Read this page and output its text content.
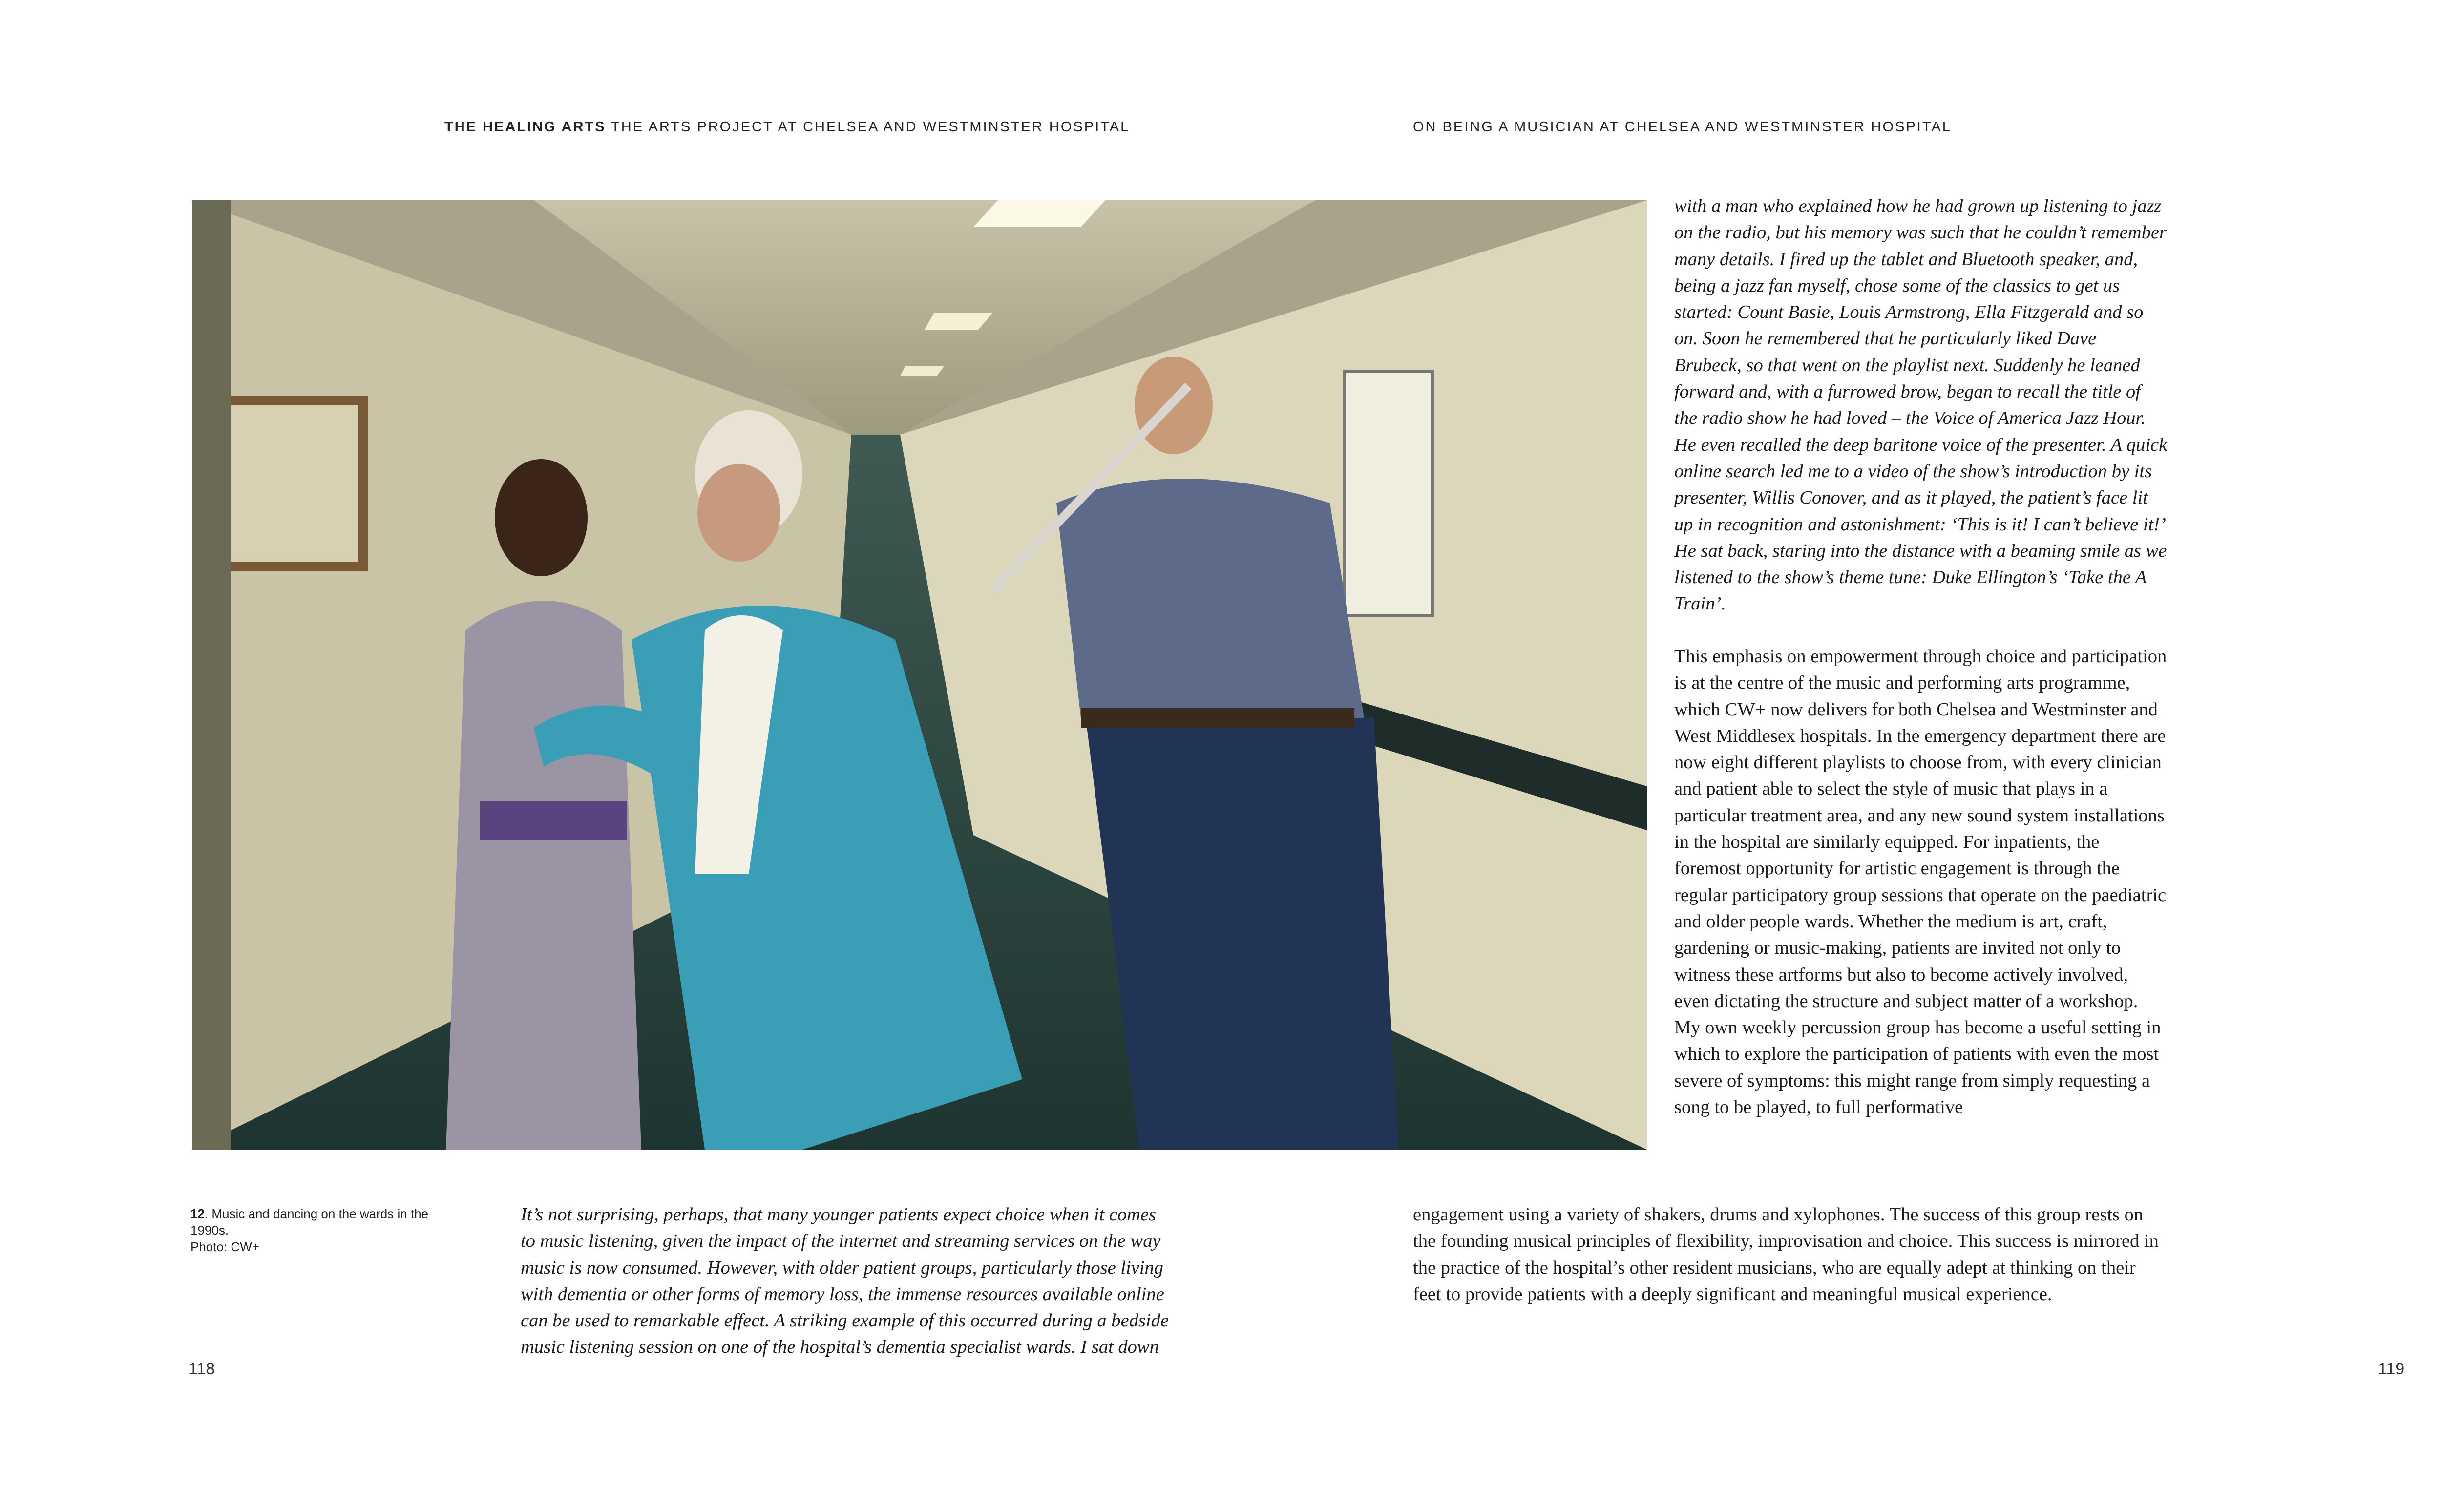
THE HEALING ARTS THE ARTS PROJECT AT CHELSEA AND WESTMINSTER HOSPITAL	ON BEING A MUSICIAN AT CHELSEA AND WESTMINSTER HOSPITAL
12. Music and dancing on the wards in the 1990s.
Photo: CW+

It’s not surprising, perhaps, that many younger patients expect choice when it comes to music listening, given the impact of the internet and streaming services on the way music is now consumed. However, with older patient groups, particularly those living with dementia or other forms of memory loss, the immense resources available online can be used to remarkable effect. A striking example of this occurred during a bedside music listening session on one of the hospital’s dementia specialist wards. I sat down

with a man who explained how he had grown up listening to jazz on the radio, but his memory was such that he couldn’t remember many details. I fired up the tablet and Bluetooth speaker, and, being a jazz fan myself, chose some of the classics to get us started: Count Basie, Louis Armstrong, Ella Fitzgerald and so on. Soon he remembered that he particularly liked Dave Brubeck, so that went on the playlist next. Suddenly he leaned forward and, with a furrowed brow, began to recall the title of the radio show he had loved – the Voice of America Jazz Hour. He even recalled the deep baritone voice of the presenter. A quick online search led me to a video of the show’s introduction by its presenter, Willis Conover, and as it played, the patient’s face lit up in recognition and astonishment: ‘This is it! I can’t believe it!’ He sat back, staring into the distance with a beaming smile as we listened to the show’s theme tune: Duke Ellington’s ‘Take the A Train’.

This emphasis on empowerment through choice and participation is at the centre of the music and performing arts programme, which CW+ now delivers for both Chelsea and Westminster and West Middlesex hospitals. In the emergency department there are now eight different playlists to choose from, with every clinician and patient able to select the style of music that plays in a particular treatment area, and any new sound system installations in the hospital are similarly equipped. For inpatients, the foremost opportunity for artistic engagement is through the regular participatory group sessions that operate on the paediatric and older people wards. Whether the medium is art, craft, gardening or music-making, patients are invited not only to witness these artforms but also to become actively involved, even dictating the structure and subject matter of a workshop. My own weekly percussion group has become a useful setting in which to explore the participation of patients with even the most severe of symptoms: this might range from simply requesting a song to be played, to full performative

engagement using a variety of shakers, drums and xylophones. The success of this group rests on the founding musical principles of flexibility, improvisation and choice. This success is mirrored in the practice of the hospital’s other resident musicians, who are equally adept at thinking on their feet to provide patients with a deeply significant and meaningful musical experience.

118	119
